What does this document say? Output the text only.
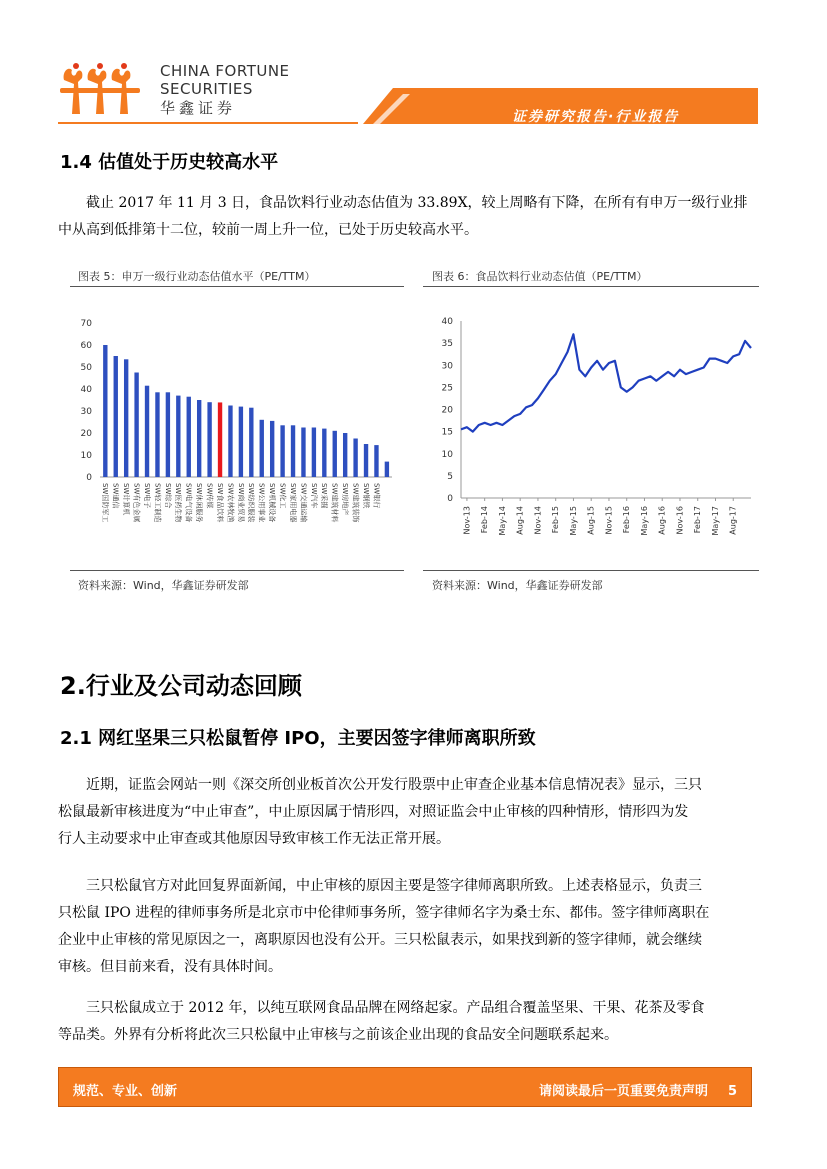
CHINA FORTUNE
SECURITIES
华鑫证券	证券研究报告·行业报告
1.4 估值处于历史较高水平
截止 2017 年 11 月 3 日，食品饮料行业动态估值为 33.89X，较上周略有下降，在所有有申万一级行业排
中从高到低排第十二位，较前一周上升一位，已处于历史较高水平。
图表 5：申万一级行业动态估值水平（PE/TTM）
0
10
20
30
40
50
60
70
SW国防军工 SW通信 SW计算机 SW有色金属 SW电子 SW轻工制造 SW综合 SW医药生物 SW电气设备 SW休闲服务 SW传媒 SW食品饮料 SW农林牧渔 SW商业贸易 SW纺织服装 SW公用事业 SW机械设备 SW化工 SW家用电器 SW交通运输 SW汽车 SW采掘 SW建筑材料 SW房地产 SW建筑装饰 SW钢铁 SW银行
资料来源：Wind，华鑫证券研发部
图表 6：食品饮料行业动态估值（PE/TTM）
0
5
10
15
20
25
30
35
40
Nov-13 Feb-14 May-14 Aug-14 Nov-14 Feb-15 May-15 Aug-15 Nov-15 Feb-16 May-16 Aug-16 Nov-16 Feb-17 May-17 Aug-17
资料来源：Wind，华鑫证券研发部
2.行业及公司动态回顾
2.1 网红坚果三只松鼠暂停 IPO，主要因签字律师离职所致
近期，证监会网站一则《深交所创业板首次公开发行股票中止审查企业基本信息情况表》显示，三只
松鼠最新审核进度为“中止审查”，中止原因属于情形四，对照证监会中止审核的四种情形，情形四为发
行人主动要求中止审查或其他原因导致审核工作无法正常开展。
三只松鼠官方对此回复界面新闻，中止审核的原因主要是签字律师离职所致。上述表格显示，负责三
只松鼠 IPO 进程的律师事务所是北京市中伦律师事务所，签字律师名字为桑士东、都伟。签字律师离职在
企业中止审核的常见原因之一，离职原因也没有公开。三只松鼠表示，如果找到新的签字律师，就会继续
审核。但目前来看，没有具体时间。
三只松鼠成立于 2012 年，以纯互联网食品品牌在网络起家。产品组合覆盖坚果、干果、花茶及零食
等品类。外界有分析将此次三只松鼠中止审核与之前该企业出现的食品安全问题联系起来。
规范、专业、创新	请阅读最后一页重要免责声明 5
